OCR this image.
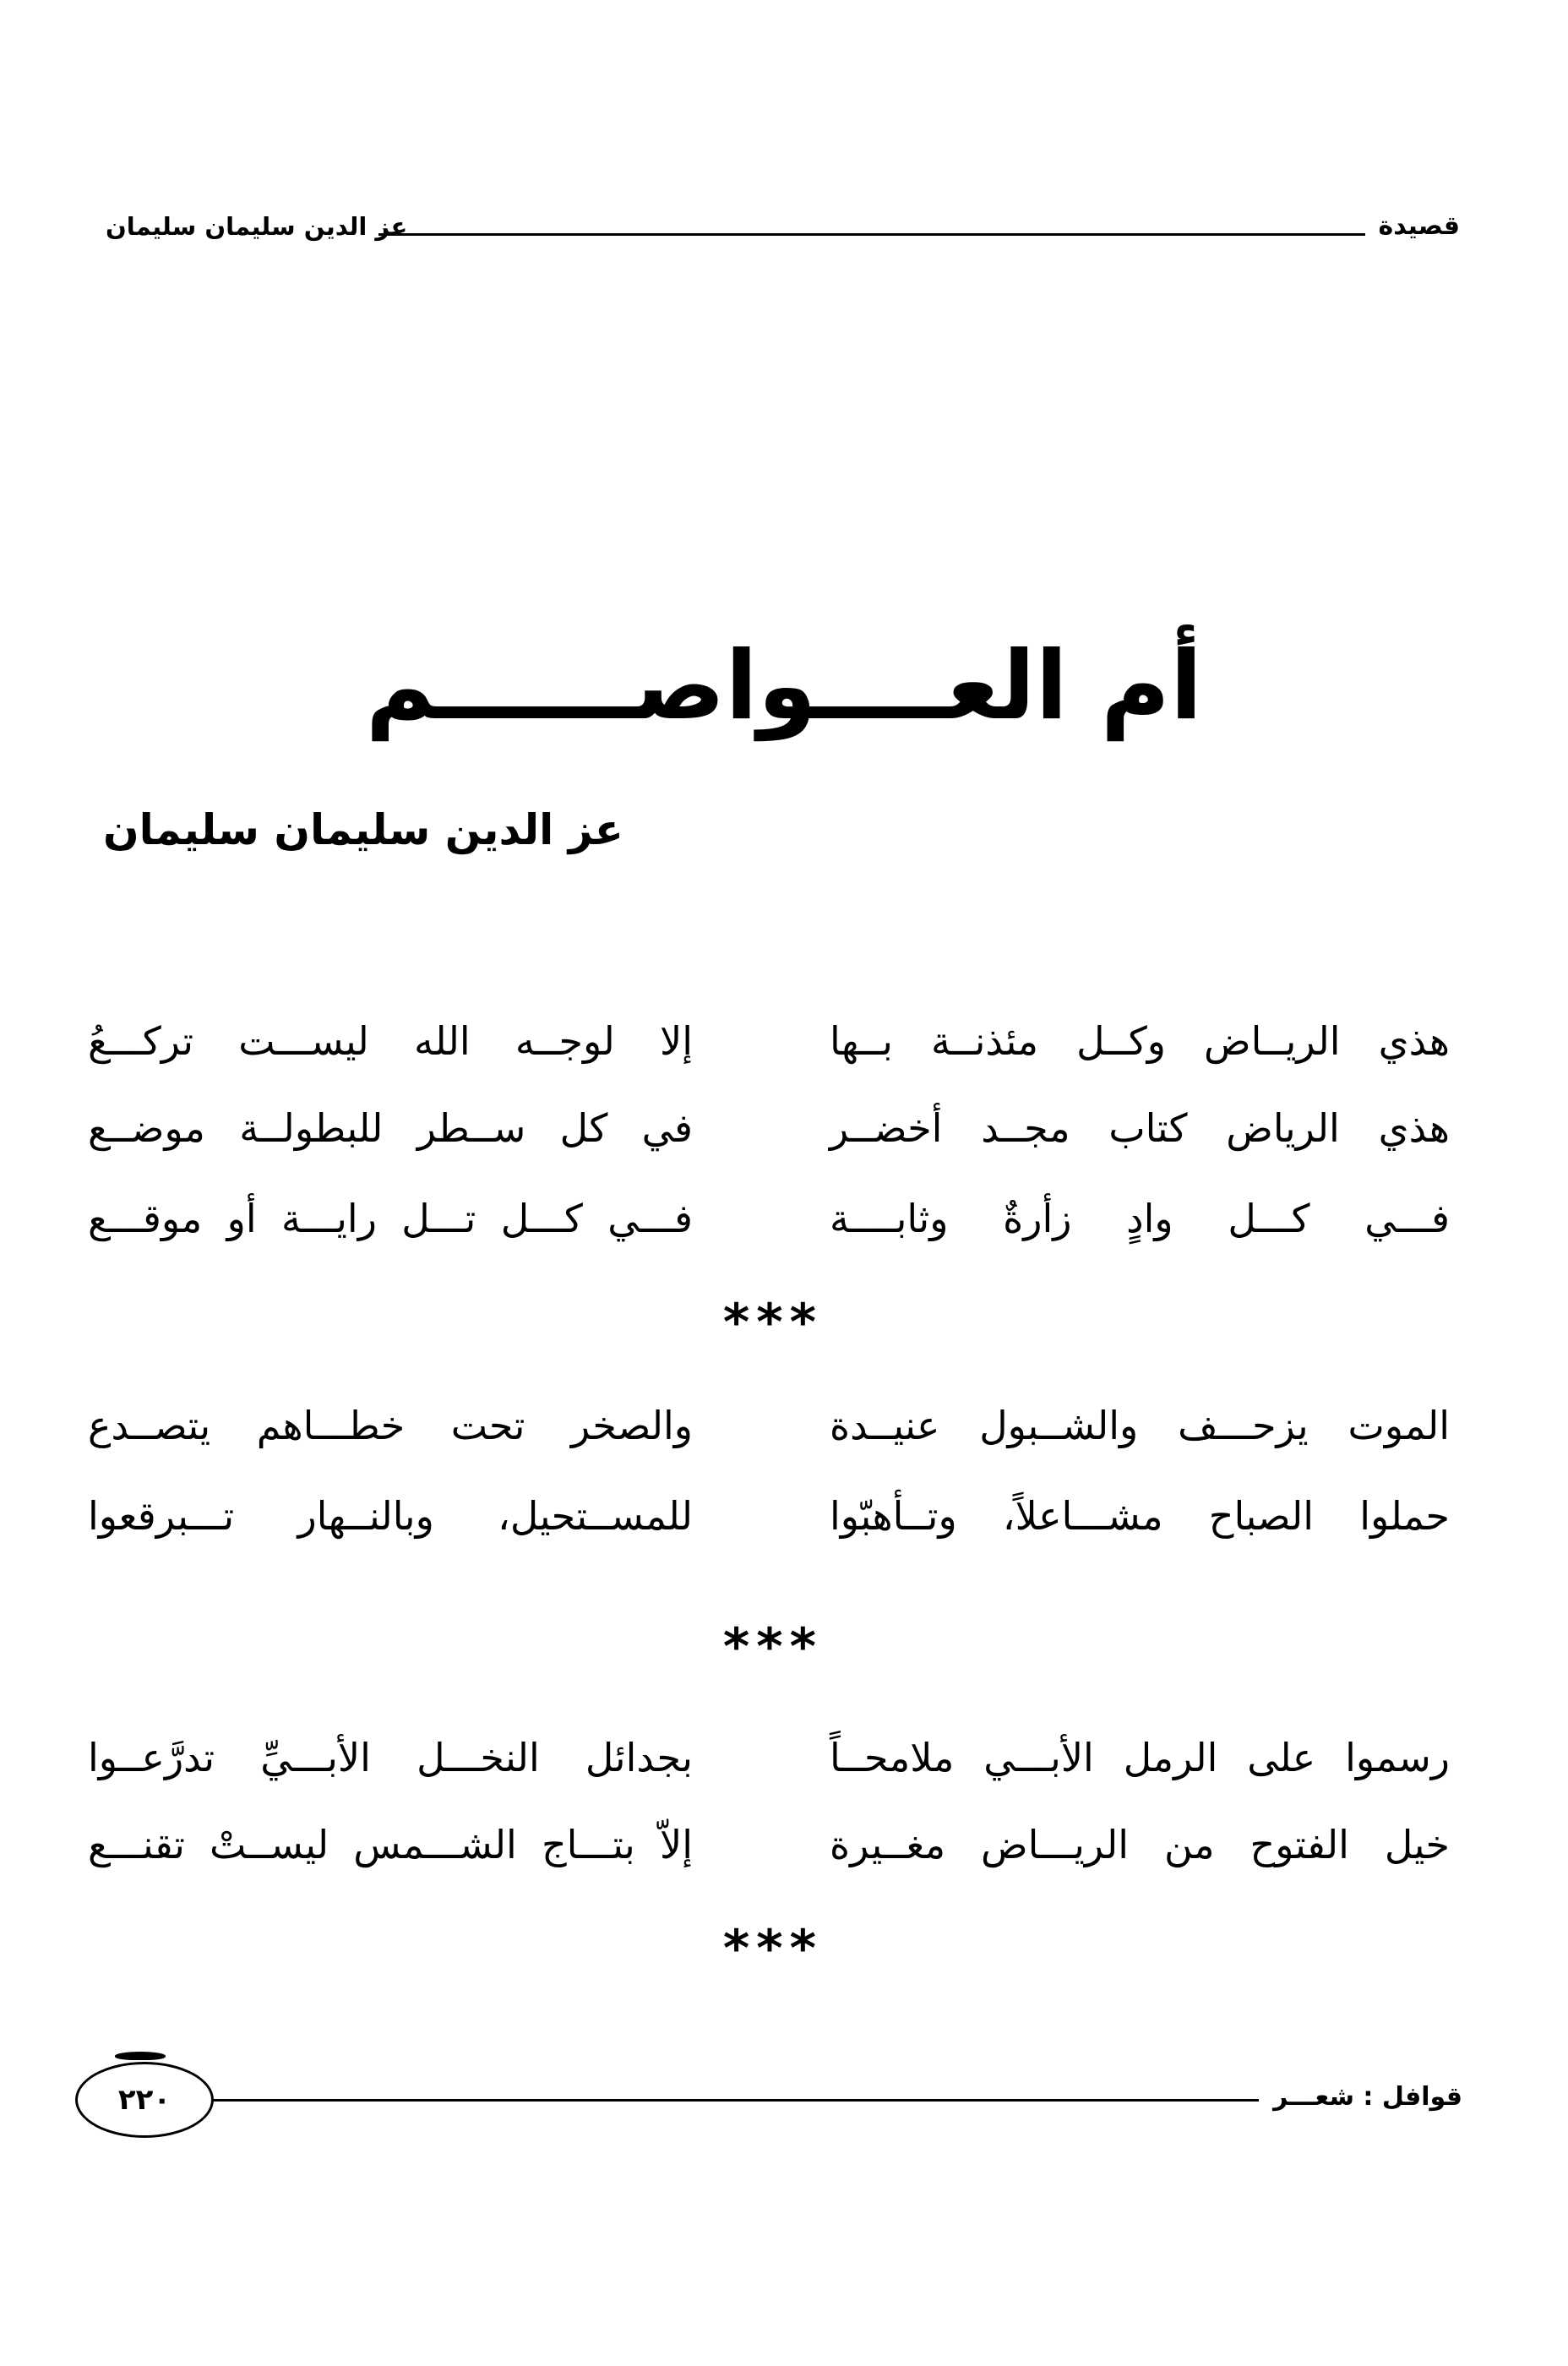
قصيدة
عز الدين سليمان سليمان
أم العــــواصــــــم
عز الدين سليمان سليمان
هذي الريــاض وكــل مئذنــة بــها
إلا لوجــه الله ليســـت تركـــعُ
هذي الرياض كتاب مجــد أخضــر
في كل ســطر للبطولــة موضــع
فـــي كـــل وادٍ زأرةٌ وثابــــة
فـــي كـــل تـــل رايـــة أو موقـــع
***
الموت يزحـــف والشــبول عنيــدة
والصخر تحت خطـــاهم يتصــدع
حملوا الصباح مشـــاعلاً، وتــأهبّوا
للمســتحيل، وبالنــهار تـــبرقعوا
***
رسموا على الرمل الأبـــي ملامحــاً
بجدائل النخـــل الأبـــيِّ تدرَّعــوا
خيل الفتوح من الريـــاض مغــيرة
إلاّ بتـــاج الشـــمس ليســتْ تقنـــع
***
قوافل : شعـــر
٢٢٠
